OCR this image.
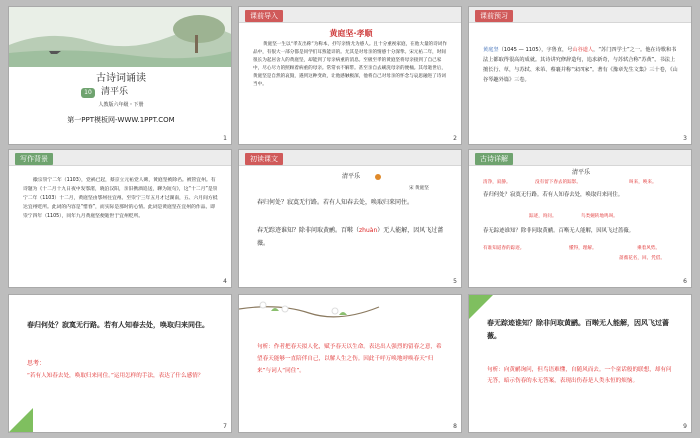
古诗词诵读
10	清平乐
人教版六年级・下册
第一PPT模板网-WWW.1PPT.COM
1
课前导入
黄庭坚·孝顺
黄庭坚一生以“孝友出称”为称本，抒写亲情尤为感人。且十分重视家庭，在他大量的诗词作品中，有很大一部分都是同学们耳熟能详的。尤其是对母亲的情感十分深挚。宋元祐二年，时间很长为起居舍人的黄庭坚，却能到了母亲病重的消息。至极至孝的黄庭坚将母亲接到了自己家中，尽心尽力的照顾着病重的母亲。常常衣不解带。甚至亲自去刷洗母亲的便桶。其母逝世后，黄庭坚是自然的哀毁，遇到这种变故，让他感触极深，他将自己对母亲的怀念与哀思融进了诗词当中。
2
课前预习
黄庭坚（1045 — 1105），字鲁直，号山谷道人，“苏门四学士”之一。他在诗歌和书法上都取得很高的成就。其诗讲究修辞造句，追求新奇，与苏轼合称“苏黄”。书法上擅长行、草，与苏轼、米芾、蔡襄并称“宋四家”。著有《豫章先生文集》三十卷，《山谷琴趣外篇》三卷。
3
写作背景
徽宗崇宁二年（1103），党祸已起，蔡京立元祐党人碑，黄庭坚被除名。被管宜州。有诗题为《十二月十九日夜中发鄂渚，晓泊汉阳，亲旧携酒追送，聊为短句》，这“十二月”是崇宁二年（1103）十二月，黄庭坚由鄂州往宜州。至崇宁三年五月才过湖南，五、六月间方抵达宜州贬所。此词的内容是“惜春”，而实际是那时的心情。此词是黄庭坚在宜州的作品。即崇宁四年（1105），同年九月黄庭坚便逝世于宜州贬所。
4
初读课文
清平乐
宋 黄庭坚
春归何处？寂寞无行路。若有人知春去处，唤取归来同住。
春无踪迹谁知？除非问取黄鹂。百啭（zhuàn）无人能解，因风飞过蔷薇。
5
古诗详解
清平乐
清净，寂静。	没有留下春去的踪影。	叫来，唤来。
春归何处？寂寞无行路。若有人知春去处，唤取归来同住。
踪迹，询问。	鸟类婉转地鸣叫。
春无踪迹谁知？除非问取黄鹂。百啭无人能解，因风飞过蔷薇。
有谁知道春的踪迹。	懂得，理解。	乘着风势。
蔷薇花名，回、凭借。
6
春归何处？寂寞无行路。若有人知春去处，唤取归来同住。
思考：
“若有人知春去处，唤取归来同住。”运用怎样的手法，表达了什么感情？
7
句析：作者把春天拟人化，赋予春天以生命。表达出人强烈的留春之意，希望春天能够一直陪伴自己，以解人生之伤。因此千呼万唤地呼唤春天“归来”与词人“同住”。
8
春无踪迹谁知？除非问取黄鹂。百啭无人能解，因风飞过蔷薇。
句析：向黄鹂询问，但鸟语难懂，自随风而去。一个童话般的联想，却有问无答，暗示伤春的永无答案，表现出伤春是人类永恒的烦恼。
9
